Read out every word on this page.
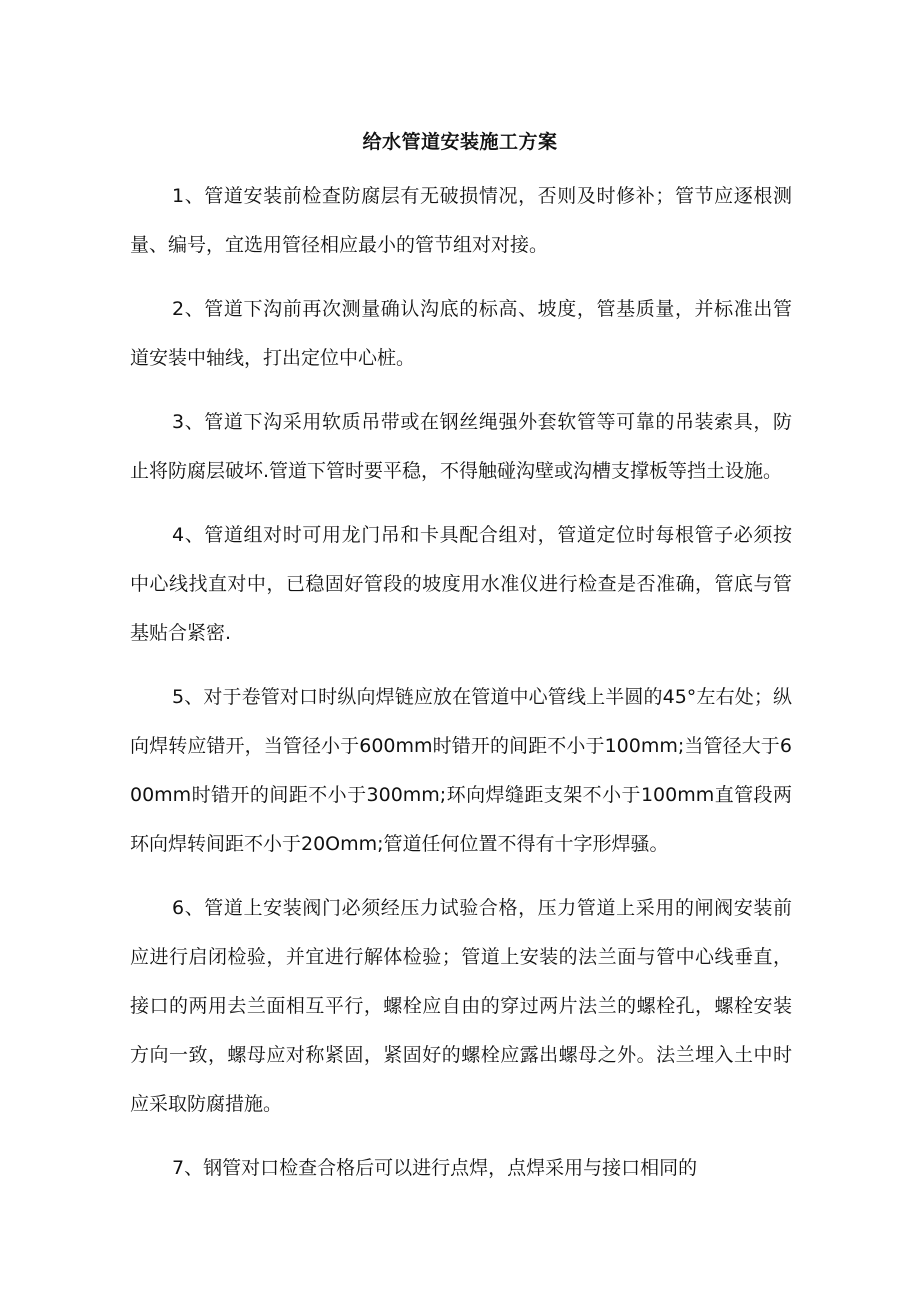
给水管道安装施工方案

1、管道安装前检查防腐层有无破损情况，否则及时修补；管节应逐根测量、编号，宜选用管径相应最小的管节组对对接。

2、管道下沟前再次测量确认沟底的标高、坡度，管基质量，并标准出管道安装中轴线，打出定位中心桩。

3、管道下沟采用软质吊带或在钢丝绳强外套软管等可靠的吊装索具，防止将防腐层破坏.管道下管时要平稳，不得触碰沟壁或沟槽支撑板等挡土设施。

4、管道组对时可用龙门吊和卡具配合组对，管道定位时每根管子必须按中心线找直对中，已稳固好管段的坡度用水准仪进行检查是否准确，管底与管基贴合紧密.

5、对于卷管对口时纵向焊链应放在管道中心管线上半圆的45°左右处；纵向焊转应错开，当管径小于600mm时错开的间距不小于100mm;当管径大于600mm时错开的间距不小于300mm;环向焊缝距支架不小于100mm直管段两环向焊转间距不小于20Omm;管道任何位置不得有十字形焊骚。

6、管道上安装阀门必须经压力试验合格，压力管道上采用的闸阀安装前应进行启闭检验，并宜进行解体检验；管道上安装的法兰面与管中心线垂直，接口的两用去兰面相互平行，螺栓应自由的穿过两片法兰的螺栓孔，螺栓安装方向一致，螺母应对称紧固，紧固好的螺栓应露出螺母之外。法兰埋入土中时应采取防腐措施。

7、钢管对口检查合格后可以进行点焊，点焊采用与接口相同的
